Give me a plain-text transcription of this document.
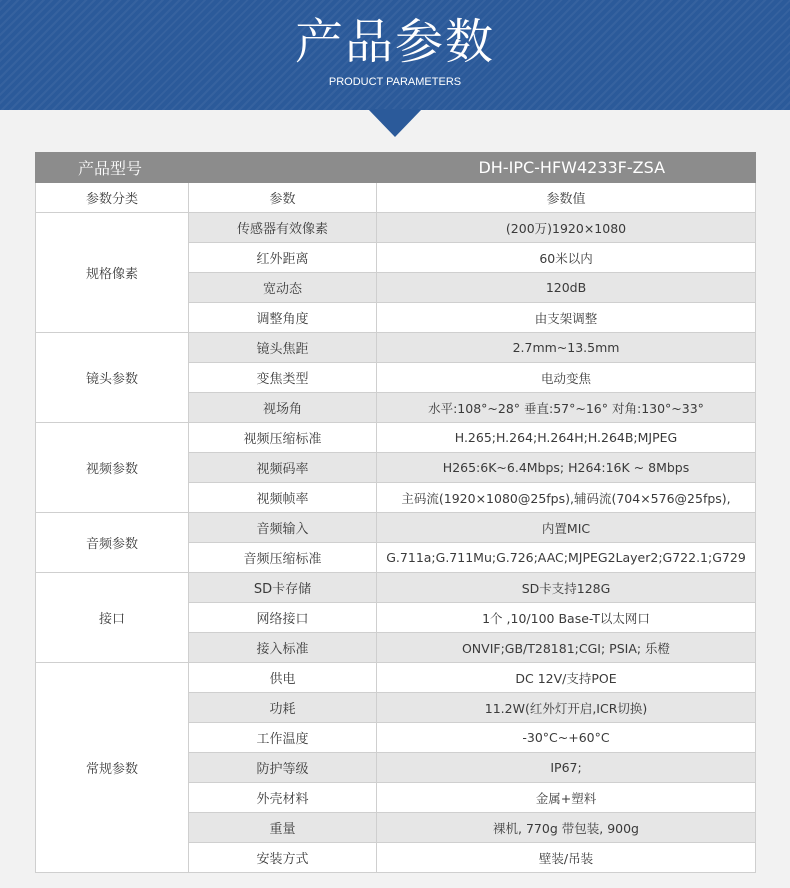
产品参数
PRODUCT PARAMETERS
产品型号		DH-IPC-HFW4233F-ZSA
参数分类	参数	参数值
规格像素	传感器有效像素	(200万)1920×1080
	红外距离	60米以内
	宽动态	120dB
	调整角度	由支架调整
镜头参数	镜头焦距	2.7mm~13.5mm
	变焦类型	电动变焦
	视场角	水平:108°~28° 垂直:57°~16° 对角:130°~33°
视频参数	视频压缩标准	H.265;H.264;H.264H;H.264B;MJPEG
	视频码率	H265:6K~6.4Mbps; H264:16K ~ 8Mbps
	视频帧率	主码流(1920×1080@25fps),辅码流(704×576@25fps),
音频参数	音频输入	内置MIC
	音频压缩标准	G.711a;G.711Mu;G.726;AAC;MJPEG2Layer2;G722.1;G729
接口	SD卡存储	SD卡支持128G
	网络接口	1个 ,10/100 Base-T以太网口
	接入标准	ONVIF;GB/T28181;CGI; PSIA; 乐橙
常规参数	供电	DC 12V/支持POE
	功耗	11.2W(红外灯开启,ICR切换)
	工作温度	-30°C~+60°C
	防护等级	IP67;
	外壳材料	金属+塑料
	重量	裸机, 770g 带包装, 900g
	安装方式	壁装/吊装
